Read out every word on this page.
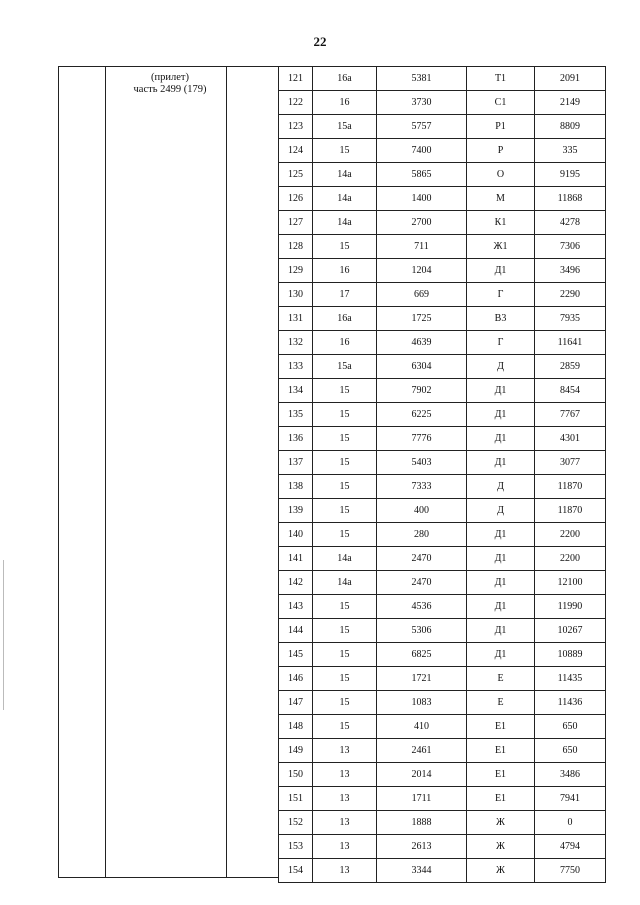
22
(прилет)
часть 2499 (179)
121	16а	5381	Т1	2091
122	16	3730	С1	2149
123	15а	5757	Р1	8809
124	15	7400	Р	335
125	14а	5865	О	9195
126	14а	1400	М	11868
127	14а	2700	К1	4278
128	15	711	Ж1	7306
129	16	1204	Д1	3496
130	17	669	Г	2290
131	16а	1725	В3	7935
132	16	4639	Г	11641
133	15а	6304	Д	2859
134	15	7902	Д1	8454
135	15	6225	Д1	7767
136	15	7776	Д1	4301
137	15	5403	Д1	3077
138	15	7333	Д	11870
139	15	400	Д	11870
140	15	280	Д1	2200
141	14а	2470	Д1	2200
142	14а	2470	Д1	12100
143	15	4536	Д1	11990
144	15	5306	Д1	10267
145	15	6825	Д1	10889
146	15	1721	Е	11435
147	15	1083	Е	11436
148	15	410	Е1	650
149	13	2461	Е1	650
150	13	2014	Е1	3486
151	13	1711	Е1	7941
152	13	1888	Ж	0
153	13	2613	Ж	4794
154	13	3344	Ж	7750
